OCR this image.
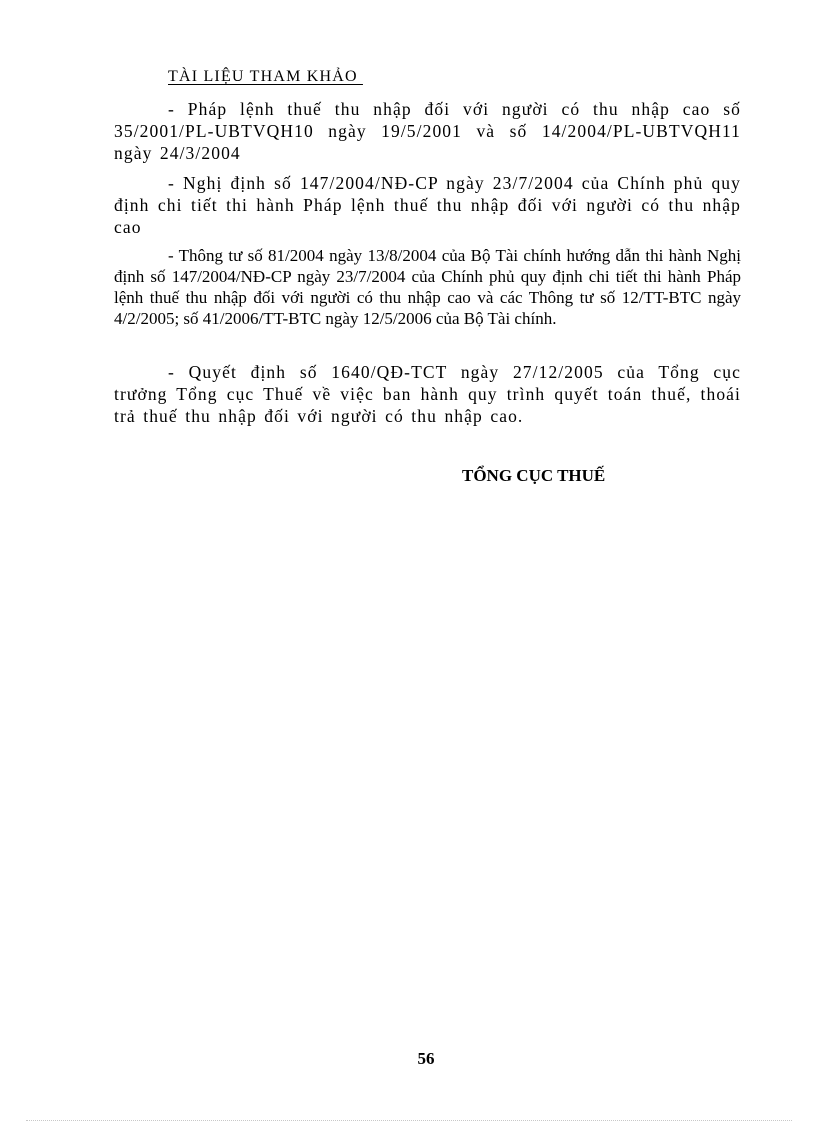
TÀI LIỆU THAM KHẢO

- Pháp lệnh thuế thu nhập đối với người có thu nhập cao số 35/2001/PL-UBTVQH10 ngày 19/5/2001 và số 14/2004/PL-UBTVQH11 ngày 24/3/2004

- Nghị định số 147/2004/NĐ-CP ngày 23/7/2004 của Chính phủ quy định chi tiết thi hành Pháp lệnh thuế thu nhập đối với người có thu nhập cao

- Thông tư số 81/2004 ngày 13/8/2004 của Bộ Tài chính hướng dẫn thi hành Nghị định số 147/2004/NĐ-CP ngày 23/7/2004 của Chính phủ quy định chi tiết thi hành Pháp lệnh thuế thu nhập đối với người có thu nhập cao và các Thông tư số 12/TT-BTC ngày 4/2/2005; số 41/2006/TT-BTC ngày 12/5/2006 của Bộ Tài chính.

- Quyết định số 1640/QĐ-TCT ngày 27/12/2005 của Tổng cục trưởng Tổng cục Thuế về việc ban hành quy trình quyết toán thuế, thoái trả thuế thu nhập đối với người có thu nhập cao.

TỔNG CỤC THUẾ
56
